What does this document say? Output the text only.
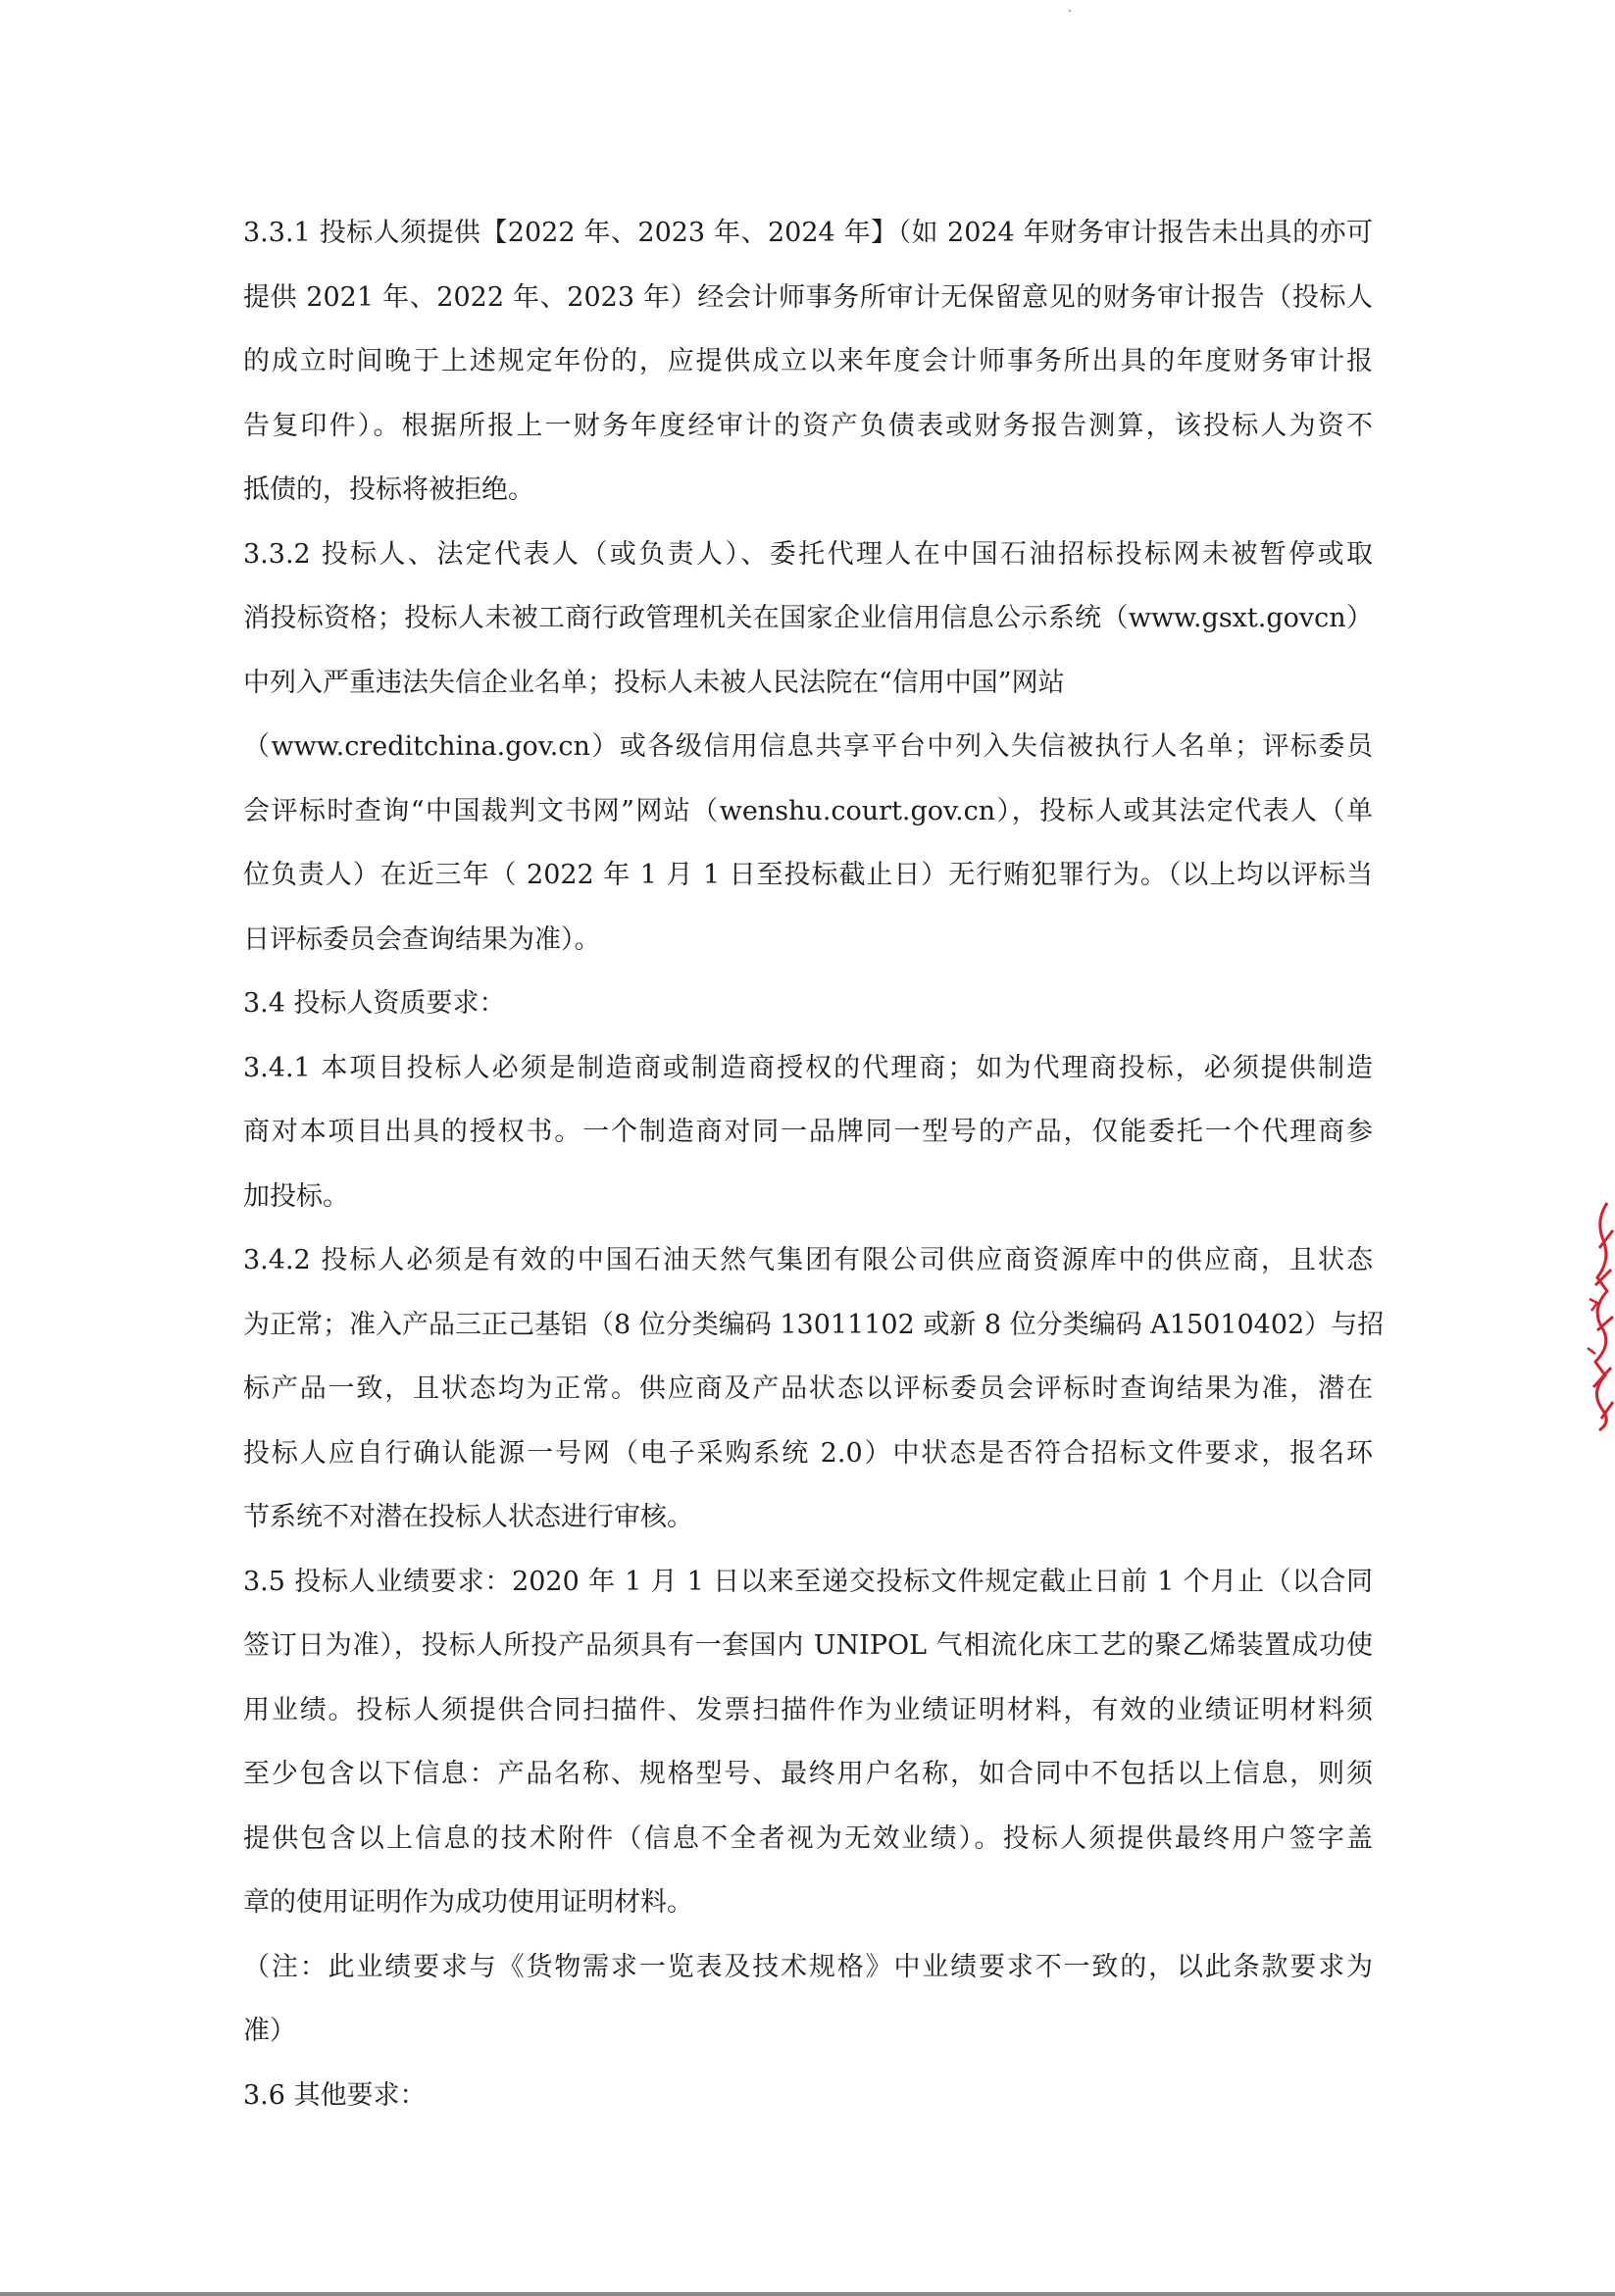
3.3.1 投标人须提供【2022 年、2023 年、2024 年】（如 2024 年财务审计报告未出具的亦可
提供 2021 年、2022 年、2023 年）经会计师事务所审计无保留意见的财务审计报告（投标人
的成立时间晚于上述规定年份的，应提供成立以来年度会计师事务所出具的年度财务审计报
告复印件）。根据所报上一财务年度经审计的资产负债表或财务报告测算，该投标人为资不
抵债的，投标将被拒绝。
3.3.2 投标人、法定代表人（或负责人）、委托代理人在中国石油招标投标网未被暂停或取
消投标资格；投标人未被工商行政管理机关在国家企业信用信息公示系统（www.gsxt.govcn）
中列入严重违法失信企业名单；投标人未被人民法院在“信用中国”网站
（www.creditchina.gov.cn）或各级信用信息共享平台中列入失信被执行人名单；评标委员
会评标时查询“中国裁判文书网”网站（wenshu.court.gov.cn），投标人或其法定代表人（单
位负责人）在近三年（ 2022 年 1 月 1 日至投标截止日）无行贿犯罪行为。（以上均以评标当
日评标委员会查询结果为准）。
3.4 投标人资质要求：
3.4.1 本项目投标人必须是制造商或制造商授权的代理商；如为代理商投标，必须提供制造
商对本项目出具的授权书。一个制造商对同一品牌同一型号的产品，仅能委托一个代理商参
加投标。
3.4.2 投标人必须是有效的中国石油天然气集团有限公司供应商资源库中的供应商，且状态
为正常；准入产品三正己基铝（8 位分类编码 13011102 或新 8 位分类编码 A15010402）与招
标产品一致，且状态均为正常。供应商及产品状态以评标委员会评标时查询结果为准，潜在
投标人应自行确认能源一号网（电子采购系统 2.0）中状态是否符合招标文件要求，报名环
节系统不对潜在投标人状态进行审核。
3.5 投标人业绩要求：2020 年 1 月 1 日以来至递交投标文件规定截止日前 1 个月止（以合同
签订日为准），投标人所投产品须具有一套国内 UNIPOL 气相流化床工艺的聚乙烯装置成功使
用业绩。投标人须提供合同扫描件、发票扫描件作为业绩证明材料，有效的业绩证明材料须
至少包含以下信息：产品名称、规格型号、最终用户名称，如合同中不包括以上信息，则须
提供包含以上信息的技术附件（信息不全者视为无效业绩）。投标人须提供最终用户签字盖
章的使用证明作为成功使用证明材料。
（注：此业绩要求与《货物需求一览表及技术规格》中业绩要求不一致的，以此条款要求为
准）
3.6 其他要求：
